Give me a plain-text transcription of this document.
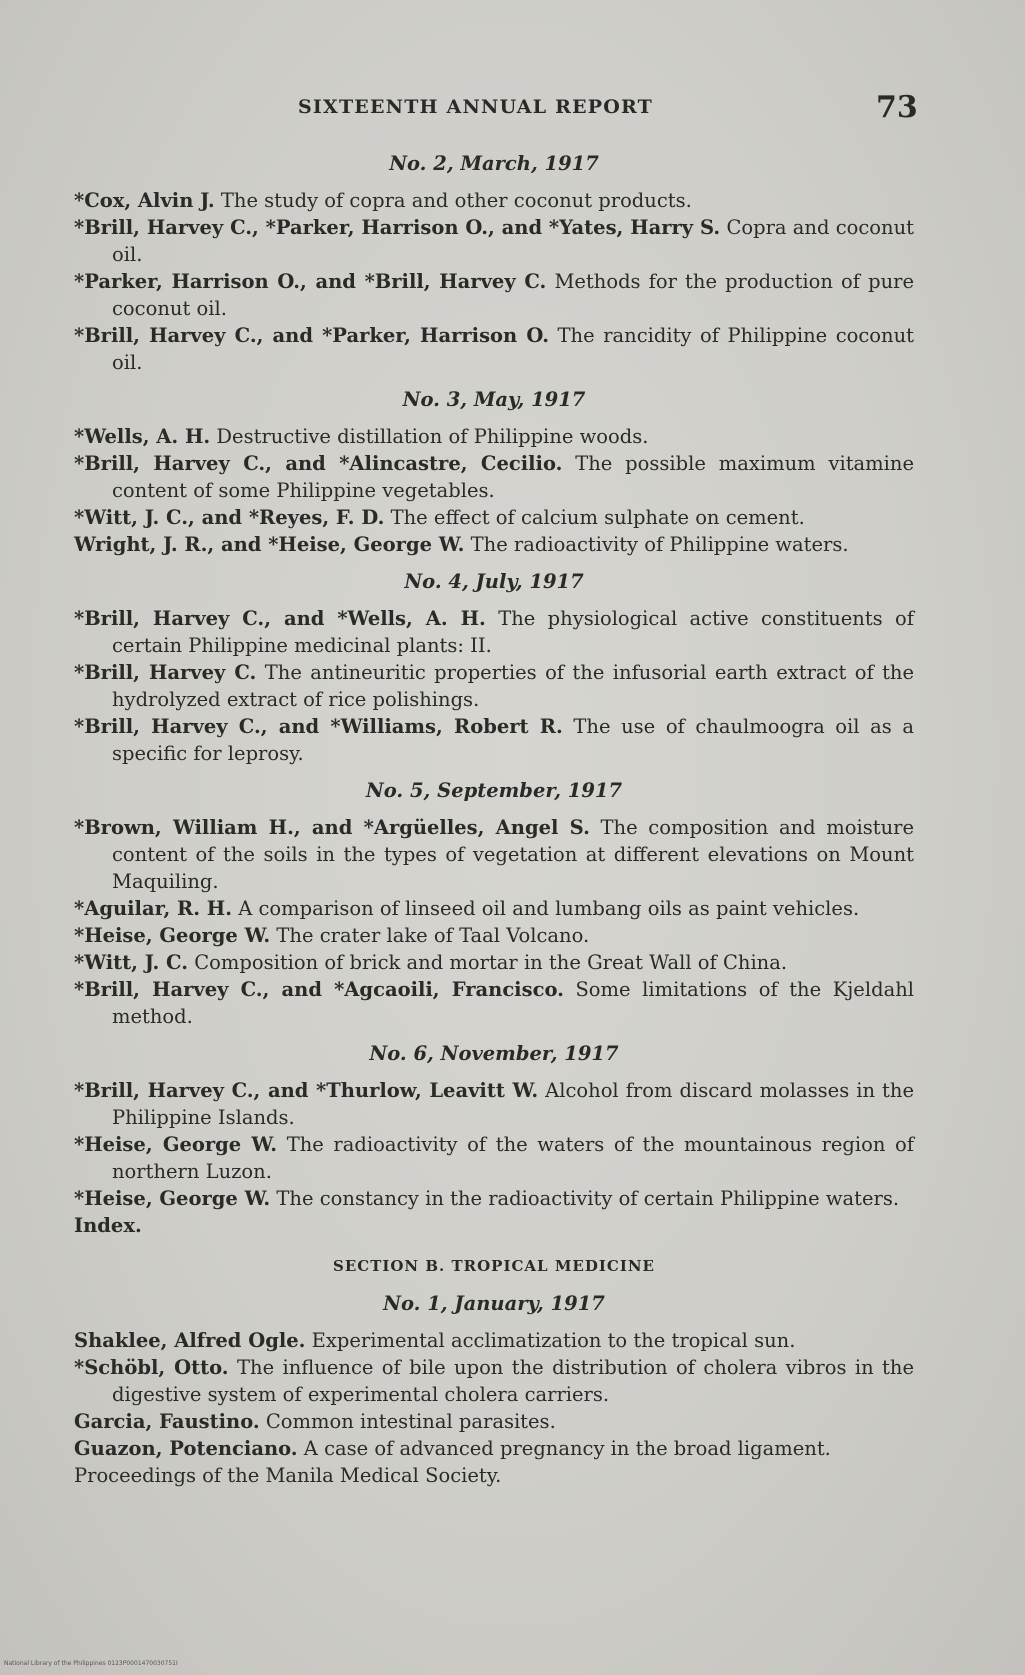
SIXTEENTH ANNUAL REPORT	73
No. 2, March, 1917

*Cox, Alvin J. The study of copra and other coconut products.

*Brill, Harvey C., *Parker, Harrison O., and *Yates, Harry S. Copra and coconut oil.

*Parker, Harrison O., and *Brill, Harvey C. Methods for the production of pure coconut oil.

*Brill, Harvey C., and *Parker, Harrison O. The rancidity of Philippine coconut oil.

No. 3, May, 1917

*Wells, A. H. Destructive distillation of Philippine woods.

*Brill, Harvey C., and *Alincastre, Cecilio. The possible maximum vitamine content of some Philippine vegetables.

*Witt, J. C., and *Reyes, F. D. The effect of calcium sulphate on cement.

Wright, J. R., and *Heise, George W. The radioactivity of Philippine waters.

No. 4, July, 1917

*Brill, Harvey C., and *Wells, A. H. The physiological active constituents of certain Philippine medicinal plants: II.

*Brill, Harvey C. The antineuritic properties of the infusorial earth extract of the hydrolyzed extract of rice polishings.

*Brill, Harvey C., and *Williams, Robert R. The use of chaulmoogra oil as a specific for leprosy.

No. 5, September, 1917

*Brown, William H., and *Argüelles, Angel S. The composition and moisture content of the soils in the types of vegetation at different elevations on Mount Maquiling.

*Aguilar, R. H. A comparison of linseed oil and lumbang oils as paint vehicles.

*Heise, George W. The crater lake of Taal Volcano.

*Witt, J. C. Composition of brick and mortar in the Great Wall of China.

*Brill, Harvey C., and *Agcaoili, Francisco. Some limitations of the Kjeldahl method.

No. 6, November, 1917

*Brill, Harvey C., and *Thurlow, Leavitt W. Alcohol from discard molasses in the Philippine Islands.

*Heise, George W. The radioactivity of the waters of the mountainous region of northern Luzon.

*Heise, George W. The constancy in the radioactivity of certain Philippine waters.

Index.

SECTION B. TROPICAL MEDICINE
No. 1, January, 1917

Shaklee, Alfred Ogle. Experimental acclimatization to the tropical sun.

*Schöbl, Otto. The influence of bile upon the distribution of cholera vibros in the digestive system of experimental cholera carriers.

Garcia, Faustino. Common intestinal parasites.

Guazon, Potenciano. A case of advanced pregnancy in the broad ligament.

Proceedings of the Manila Medical Society.

National Library of the Philippines 0123P0001470030751I
